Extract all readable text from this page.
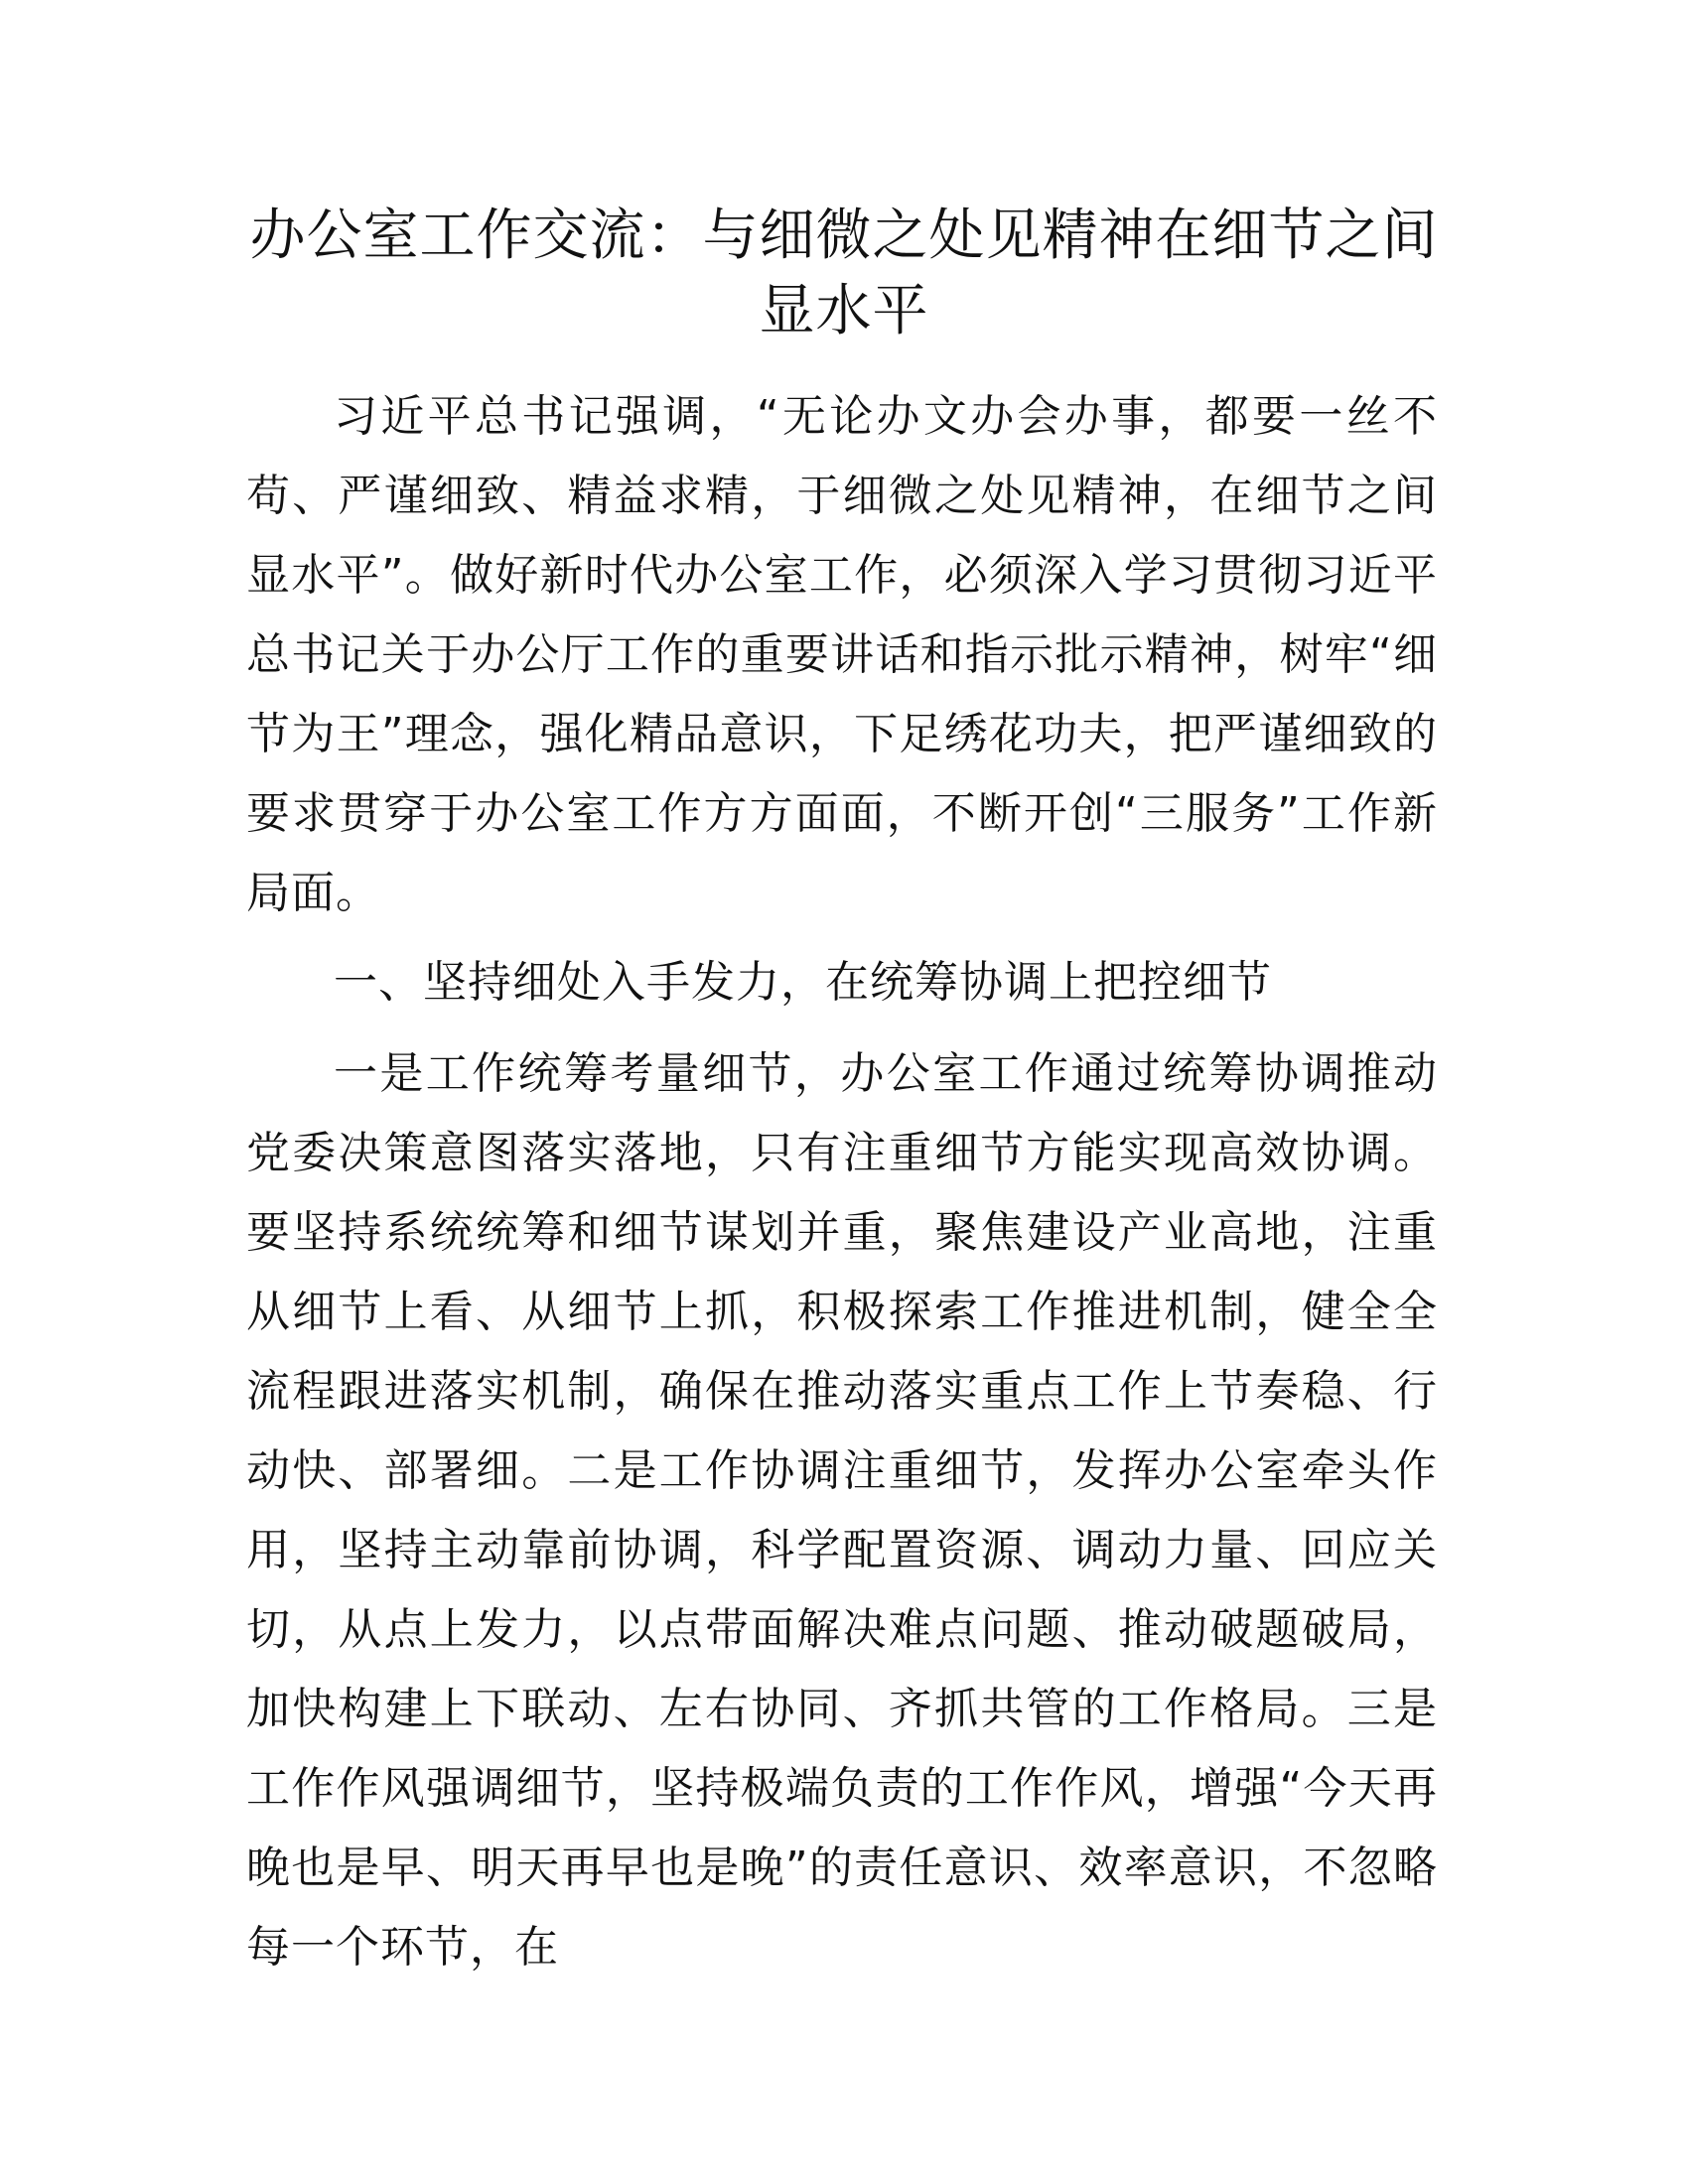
办公室工作交流：与细微之处见精神在细节之间显水平

习近平总书记强调，“无论办文办会办事，都要一丝不苟、严谨细致、精益求精，于细微之处见精神，在细节之间显水平”。做好新时代办公室工作，必须深入学习贯彻习近平总书记关于办公厅工作的重要讲话和指示批示精神，树牢“细节为王”理念，强化精品意识，下足绣花功夫，把严谨细致的要求贯穿于办公室工作方方面面，不断开创“三服务”工作新局面。

一、坚持细处入手发力，在统筹协调上把控细节

一是工作统筹考量细节，办公室工作通过统筹协调推动党委决策意图落实落地，只有注重细节方能实现高效协调。要坚持系统统筹和细节谋划并重，聚焦建设产业高地，注重从细节上看、从细节上抓，积极探索工作推进机制，健全全流程跟进落实机制，确保在推动落实重点工作上节奏稳、行动快、部署细。二是工作协调注重细节，发挥办公室牵头作用，坚持主动靠前协调，科学配置资源、调动力量、回应关切，从点上发力，以点带面解决难点问题、推动破题破局，加快构建上下联动、左右协同、齐抓共管的工作格局。三是工作作风强调细节，坚持极端负责的工作作风，增强“今天再晚也是早、明天再早也是晚”的责任意识、效率意识，不忽略每一个环节，在
